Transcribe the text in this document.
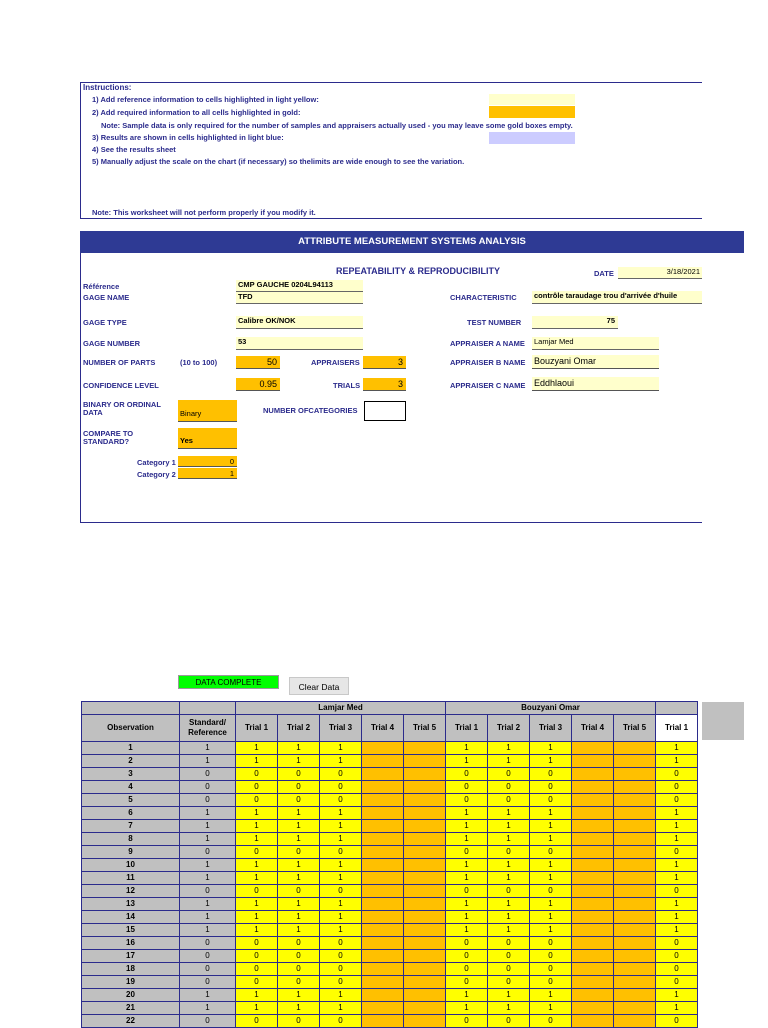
Instructions:
1) Add reference information to cells highlighted in light yellow:
2) Add required information to all cells highlighted in gold:
Note: Sample data is only required for the number of samples and appraisers actually used - you may leave some gold boxes empty.
3) Results are shown in cells highlighted in light blue:
4) See the results sheet
5) Manually adjust the scale on the chart (if necessary) so thelimits are wide enough to see the variation.
Note: This worksheet will not perform properly if you modify it.
ATTRIBUTE MEASUREMENT SYSTEMS ANALYSIS
REPEATABILITY & REPRODUCIBILITY	DATE	3/18/2021
Référence	CMP GAUCHE 0204L94113
GAGE NAME	TFD	CHARACTERISTIC contrôle taraudage trou d'arrivée d'huile
GAGE TYPE	Calibre OK/NOK	TEST NUMBER	75
GAGE NUMBER	53	APPRAISER A NAME Lamjar Med
NUMBER OF PARTS	(10 to 100)	50	APPRAISERS	3	APPRAISER B NAME Bouzyani Omar
CONFIDENCE LEVEL	0.95	TRIALS	3	APPRAISER C NAME Eddhlaoui
BINARY OR ORDINAL DATA	Binary	NUMBER OFCATEGORIES
COMPARE TO STANDARD?	Yes
Category 1	0
Category 2	1
DATA COMPLETE	Clear Data
		Lamjar Med					Bouzyani Omar					
Observation	Standard/ Reference	Trial 1	Trial 2	Trial 3	Trial 4	Trial 5	Trial 1	Trial 2	Trial 3	Trial 4	Trial 5	Trial 1
1	1	1	1	1			1	1	1			1
2	1	1	1	1			1	1	1			1
3	0	0	0	0			0	0	0			0
4	0	0	0	0			0	0	0			0
5	0	0	0	0			0	0	0			0
6	1	1	1	1			1	1	1			1
7	1	1	1	1			1	1	1			1
8	1	1	1	1			1	1	1			1
9	0	0	0	0			0	0	0			0
10	1	1	1	1			1	1	1			1
11	1	1	1	1			1	1	1			1
12	0	0	0	0			0	0	0			0
13	1	1	1	1			1	1	1			1
14	1	1	1	1			1	1	1			1
15	1	1	1	1			1	1	1			1
16	0	0	0	0			0	0	0			0
17	0	0	0	0			0	0	0			0
18	0	0	0	0			0	0	0			0
19	0	0	0	0			0	0	0			0
20	1	1	1	1			1	1	1			1
21	1	1	1	1			1	1	1			1
22	0	0	0	0			0	0	0			0
